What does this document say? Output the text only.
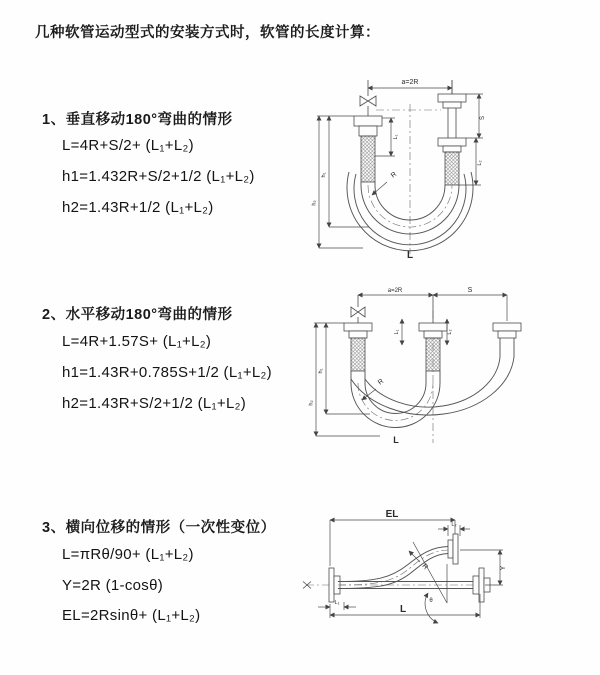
几种软管运动型式的安装方式时，软管的长度计算：
1、垂直移动180°弯曲的情形
L=4R+S/2+ (L₁+L₂)
h1=1.432R+S/2+1/2 (L₁+L₂)
h2=1.43R+1/2 (L₁+L₂)
a=2R
h₁
h₂
L₁
S
L₂
R
L
2、水平移动180°弯曲的情形
L=4R+1.57S+ (L₁+L₂)
h1=1.43R+0.785S+1/2 (L₁+L₂)
h2=1.43R+S/2+1/2 (L₁+L₂)
a=2R	S
L₁	L₂
h₁
h₂
R
L
3、横向位移的情形（一次性变位）
L=πRθ/90+ (L₁+L₂)
Y=2R (1-cosθ)
EL=2Rsinθ+ (L₁+L₂)
EL
L₂
Y
θ
R
L
L₁
